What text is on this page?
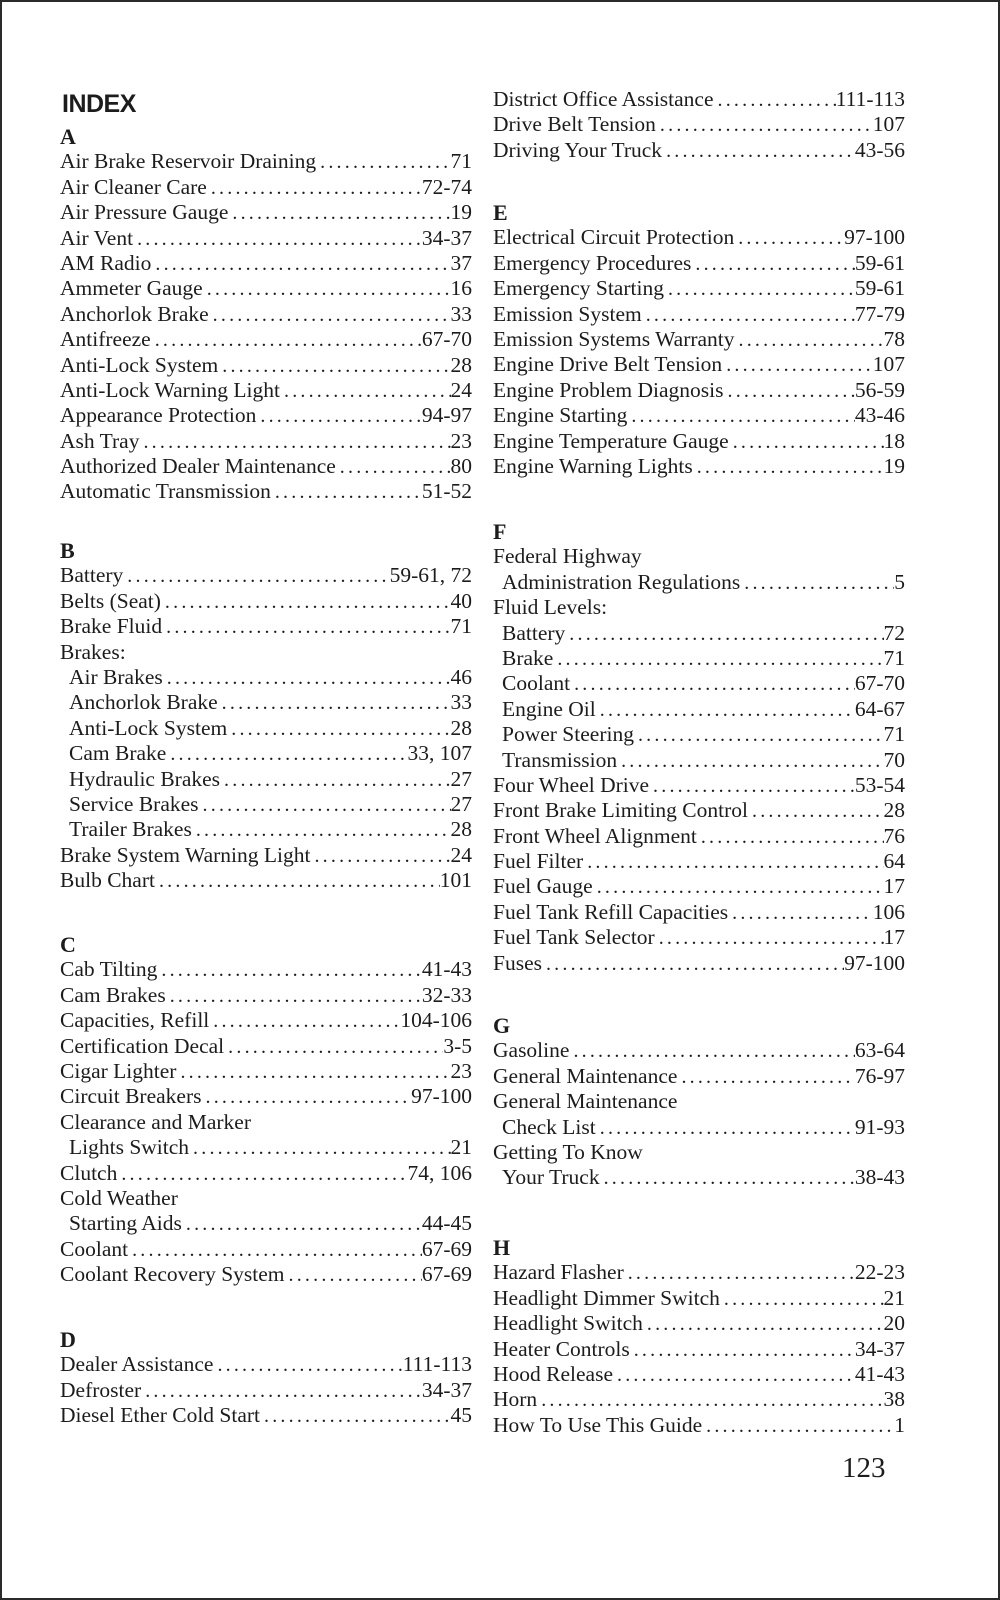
INDEX
A
Air Brake Reservoir Draining .....	71
Air Cleaner Care .....	72-74
Air Pressure Gauge .....	19
Air Vent .....	34-37
AM Radio .....	37
Ammeter Gauge .....	16
Anchorlok Brake .....	33
Antifreeze .....	67-70
Anti-Lock System .....	28
Anti-Lock Warning Light .....	24
Appearance Protection .....	94-97
Ash Tray .....	23
Authorized Dealer Maintenance .....	80
Automatic Transmission .....	51-52
B
Battery .....	59-61, 72
Belts (Seat) .....	40
Brake Fluid .....	71
Brakes:
Air Brakes .....	46
Anchorlok Brake .....	33
Anti-Lock System .....	28
Cam Brake .....	33, 107
Hydraulic Brakes .....	27
Service Brakes .....	27
Trailer Brakes .....	28
Brake System Warning Light .....	24
Bulb Chart .....	101
C
Cab Tilting .....	41-43
Cam Brakes .....	32-33
Capacities, Refill .....	104-106
Certification Decal .....	3-5
Cigar Lighter .....	23
Circuit Breakers .....	97-100
Clearance and Marker
Lights Switch .....	21
Clutch .....	74, 106
Cold Weather
Starting Aids .....	44-45
Coolant .....	67-69
Coolant Recovery System .....	67-69
D
Dealer Assistance .....	111-113
Defroster .....	34-37
Diesel Ether Cold Start .....	45
District Office Assistance .....	111-113
Drive Belt Tension .....	107
Driving Your Truck .....	43-56
E
Electrical Circuit Protection .....	97-100
Emergency Procedures .....	59-61
Emergency Starting .....	59-61
Emission System .....	77-79
Emission Systems Warranty .....	78
Engine Drive Belt Tension .....	107
Engine Problem Diagnosis .....	56-59
Engine Starting .....	43-46
Engine Temperature Gauge .....	18
Engine Warning Lights .....	19
F
Federal Highway
Administration Regulations .....	5
Fluid Levels:
Battery .....	72
Brake .....	71
Coolant .....	67-70
Engine Oil .....	64-67
Power Steering .....	71
Transmission .....	70
Four Wheel Drive .....	53-54
Front Brake Limiting Control .....	28
Front Wheel Alignment .....	76
Fuel Filter .....	64
Fuel Gauge .....	17
Fuel Tank Refill Capacities .....	106
Fuel Tank Selector .....	17
Fuses .....	97-100
G
Gasoline .....	63-64
General Maintenance .....	76-97
General Maintenance
Check List .....	91-93
Getting To Know
Your Truck .....	38-43
H
Hazard Flasher .....	22-23
Headlight Dimmer Switch .....	21
Headlight Switch .....	20
Heater Controls .....	34-37
Hood Release .....	41-43
Horn .....	38
How To Use This Guide .....	1
123
